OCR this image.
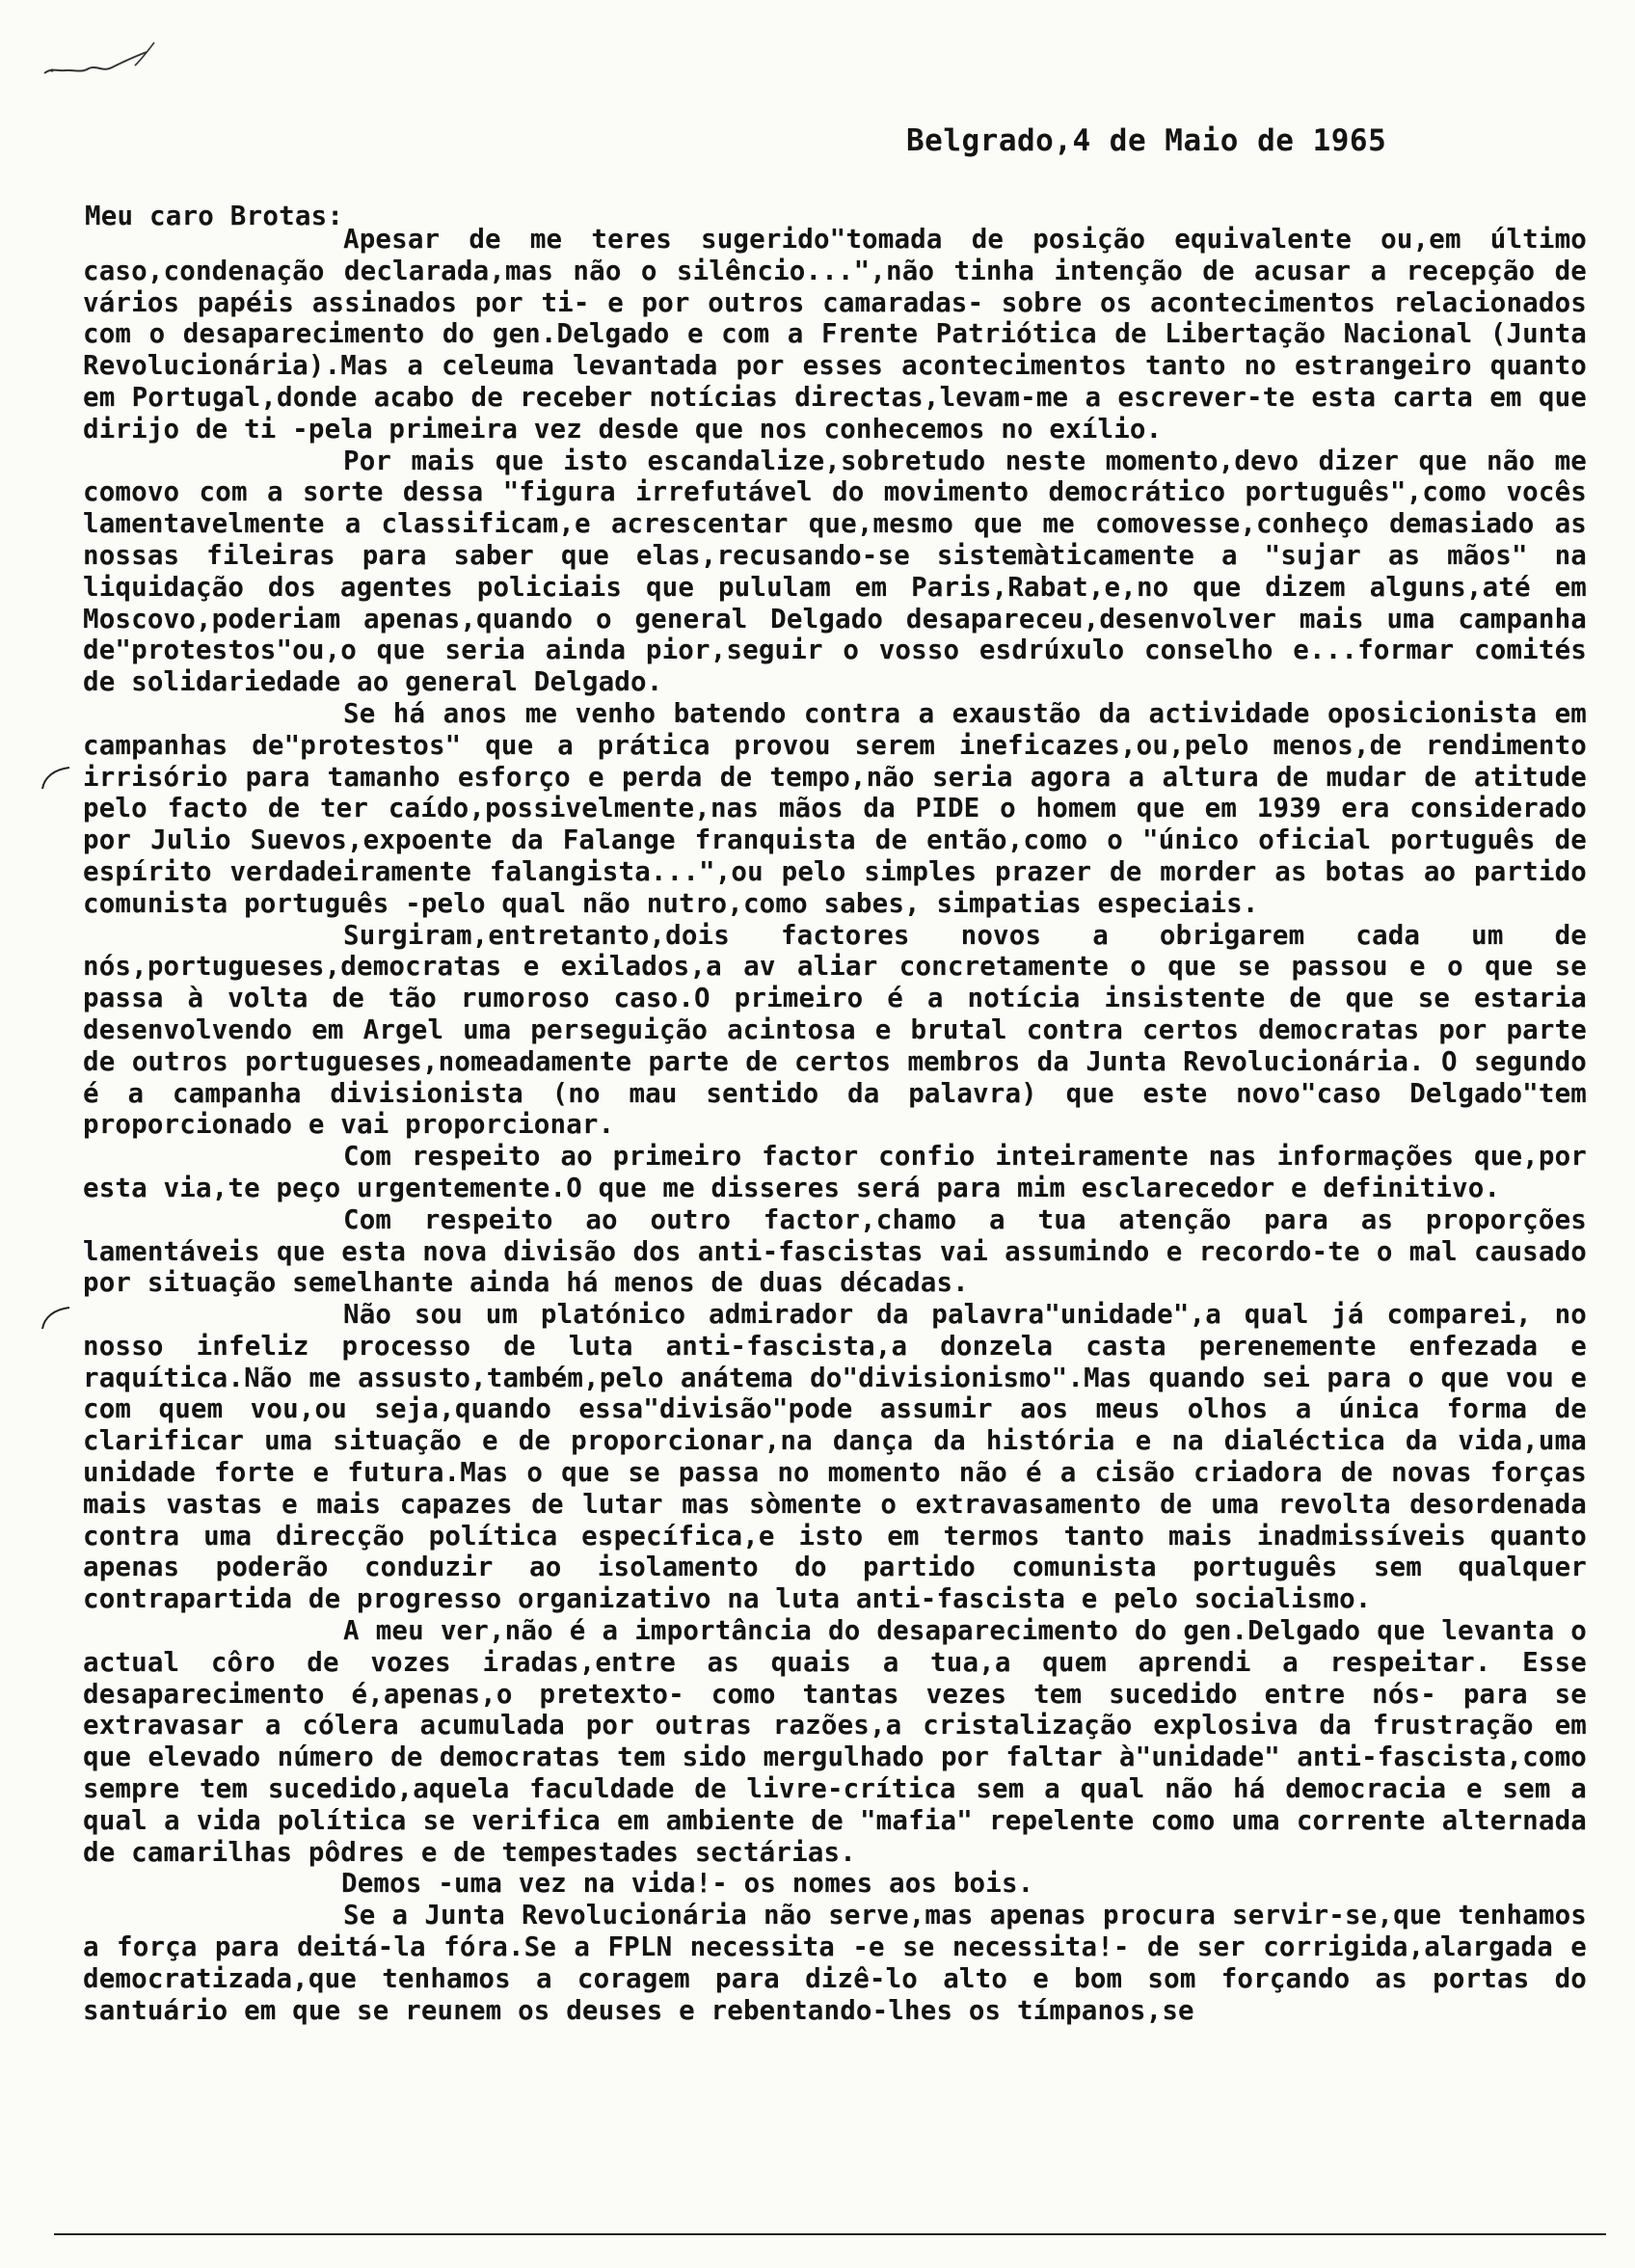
Belgrado,4 de Maio de 1965
Meu caro Brotas:

Apesar de me teres sugerido"tomada de posição equivalente ou,em último caso,condenação declarada,mas não o silêncio...",não tinha intenção de acusar a recepção de vários papéis assinados por ti- e por outros camaradas- sobre os acontecimentos relacionados com o desaparecimento do gen.Delgado e com a Frente Patriótica de Libertação Nacional (Junta Revolucionária).Mas a celeuma levantada por esses acontecimentos tanto no estrangeiro quanto em Portugal,donde acabo de receber notícias directas,levam-me a escrever-te esta carta em que dirijo de ti -pela primeira vez desde que nos conhecemos no exílio.

Por mais que isto escandalize,sobretudo neste momento,devo dizer que não me comovo com a sorte dessa "figura irrefutável do movimento democrático português",como vocês lamentavelmente a classificam,e acrescentar que,mesmo que me comovesse,conheço demasiado as nossas fileiras para saber que elas,recusando-se sistemàticamente a "sujar as mãos" na liquidação dos agentes policiais que pululam em Paris,Rabat,e,no que dizem alguns,até em Moscovo,poderiam apenas,quando o general Delgado desapareceu,desenvolver mais uma campanha de"protestos"ou,o que seria ainda pior,seguir o vosso esdrúxulo conselho e...formar comités de solidariedade ao general Delgado.

Se há anos me venho batendo contra a exaustão da actividade oposicionista em campanhas de"protestos" que a prática provou serem ineficazes,ou,pelo menos,de rendimento irrisório para tamanho esforço e perda de tempo,não seria agora a altura de mudar de atitude pelo facto de ter caído,possivelmente,nas mãos da PIDE o homem que em 1939 era considerado por Julio Suevos,expoente da Falange franquista de então,como o "único oficial português de espírito verdadeiramente falangista...",ou pelo simples prazer de morder as botas ao partido comunista português -pelo qual não nutro,como sabes, simpatias especiais.

Surgiram,entretanto,dois factores novos a obrigarem cada um de nós,portugueses,democratas e exilados,a av aliar concretamente o que se passou e o que se passa à volta de tão rumoroso caso.O primeiro é a notícia insistente de que se estaria desenvolvendo em Argel uma perseguição acintosa e brutal contra certos democratas por parte de outros portugueses,nomeadamente parte de certos membros da Junta Revolucionária. O segundo é a campanha divisionista (no mau sentido da palavra) que este novo"caso Delgado"tem proporcionado e vai proporcionar.

Com respeito ao primeiro factor confio inteiramente nas informações que,por esta via,te peço urgentemente.O que me disseres será para mim esclarecedor e definitivo.

Com respeito ao outro factor,chamo a tua atenção para as proporções lamentáveis que esta nova divisão dos anti-fascistas vai assumindo e recordo-te o mal causado por situação semelhante ainda há menos de duas décadas.

Não sou um platónico admirador da palavra"unidade",a qual já comparei, no nosso infeliz processo de luta anti-fascista,a donzela casta perenemente enfezada e raquítica.Não me assusto,também,pelo anátema do"divisionismo".Mas quando sei para o que vou e com quem vou,ou seja,quando essa"divisão"pode assumir aos meus olhos a única forma de clarificar uma situação e de proporcionar,na dança da história e na dialéctica da vida,uma unidade forte e futura.Mas o que se passa no momento não é a cisão criadora de novas forças mais vastas e mais capazes de lutar mas sòmente o extravasamento de uma revolta desordenada contra uma direcção política específica,e isto em termos tanto mais inadmissíveis quanto apenas poderão conduzir ao isolamento do partido comunista português sem qualquer contrapartida de progresso organizativo na luta anti-fascista e pelo socialismo.

A meu ver,não é a importância do desaparecimento do gen.Delgado que levanta o actual côro de vozes iradas,entre as quais a tua,a quem aprendi a respeitar. Esse desaparecimento é,apenas,o pretexto- como tantas vezes tem sucedido entre nós- para se extravasar a cólera acumulada por outras razões,a cristalização explosiva da frustração em que elevado número de democratas tem sido mergulhado por faltar à"unidade" anti-fascista,como sempre tem sucedido,aquela faculdade de livre-crítica sem a qual não há democracia e sem a qual a vida política se verifica em ambiente de "mafia" repelente como uma corrente alternada de camarilhas pôdres e de tempestades sectárias.

Demos -uma vez na vida!- os nomes aos bois.

Se a Junta Revolucionária não serve,mas apenas procura servir-se,que tenhamos a força para deitá-la fóra.Se a FPLN necessita -e se necessita!- de ser corrigida,alargada e democratizada,que tenhamos a coragem para dizê-lo alto e bom som forçando as portas do santuário em que se reunem os deuses e rebentando-lhes os tímpanos,se
